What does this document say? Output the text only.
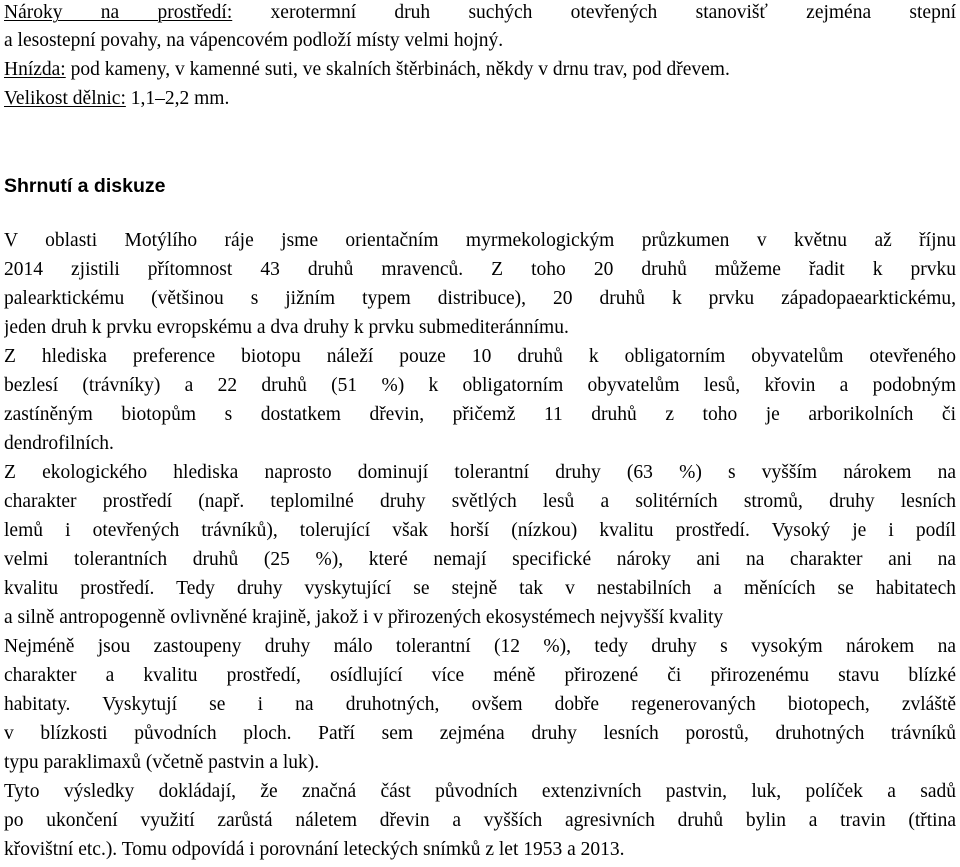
Nároky na prostředí: xerotermní druh suchých otevřených stanovišť zejména stepní
a lesostepní povahy, na vápencovém podloží místy velmi hojný.
Hnízda: pod kameny, v kamenné suti, ve skalních štěrbinách, někdy v drnu trav, pod dřevem.
Velikost dělnic: 1,1–2,2 mm.
Shrnutí a diskuze
V oblasti Motýlího ráje jsme orientačním myrmekologickým průzkumen v květnu až říjnu
2014 zjistili přítomnost 43 druhů mravenců. Z toho 20 druhů můžeme řadit k prvku
palearktickému (většinou s jižním typem distribuce), 20 druhů k prvku západopaearktickému,
jeden druh k prvku evropskému a dva druhy k prvku submediteránnímu.
Z hlediska preference biotopu náleží pouze 10 druhů k obligatorním obyvatelům otevřeného
bezlesí (trávníky) a 22 druhů (51 %) k obligatorním obyvatelům lesů, křovin a podobným
zastíněným biotopům s dostatkem dřevin, přičemž 11 druhů z toho je arborikolních či
dendrofilních.
Z ekologického hlediska naprosto dominují tolerantní druhy (63 %) s vyšším nárokem na
charakter prostředí (např. teplomilné druhy světlých lesů a solitérních stromů, druhy lesních
lemů i otevřených trávníků), tolerující však horší (nízkou) kvalitu prostředí. Vysoký je i podíl
velmi tolerantních druhů (25 %), které nemají specifické nároky ani na charakter ani na
kvalitu prostředí. Tedy druhy vyskytující se stejně tak v nestabilních a měnících se habitatech
a silně antropogenně ovlivněné krajině, jakož i v přirozených ekosystémech nejvyšší kvality
Nejméně jsou zastoupeny druhy málo tolerantní (12 %), tedy druhy s vysokým nárokem na
charakter a kvalitu prostředí, osídlující více méně přirozené či přirozenému stavu blízké
habitaty. Vyskytují se i na druhotných, ovšem dobře regenerovaných biotopech, zvláště
v blízkosti původních ploch. Patří sem zejména druhy lesních porostů, druhotných trávníků
typu paraklimaxů (včetně pastvin a luk).
Tyto výsledky dokládají, že značná část původních extenzivních pastvin, luk, políček a sadů
po ukončení využití zarůstá náletem dřevin a vyšších agresivních druhů bylin a travin (třtina
křovištní etc.). Tomu odpovídá i porovnání leteckých snímků z let 1953 a 2013.
